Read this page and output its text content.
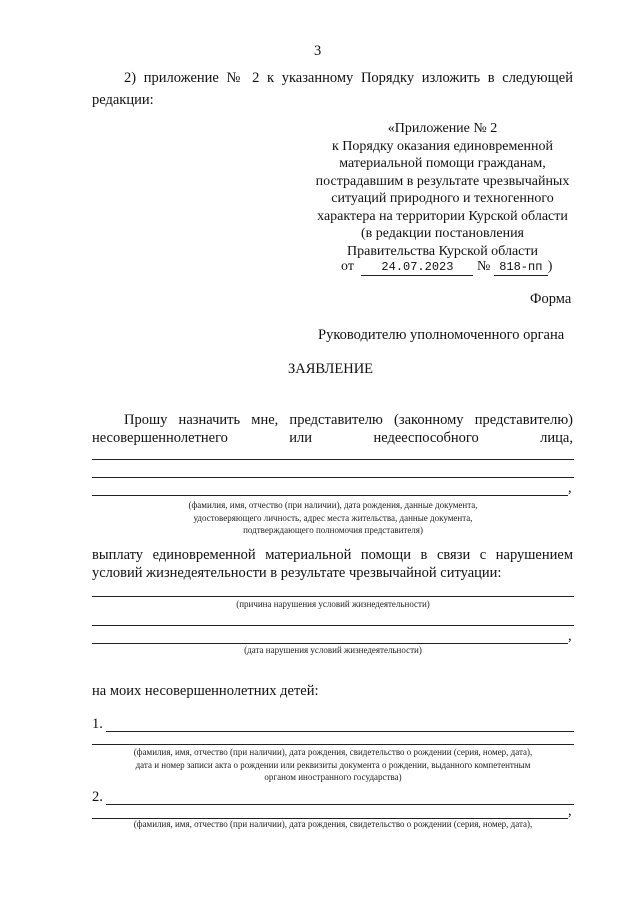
3
2) приложение № 2 к указанному Порядку изложить в следующей
редакции:
«Приложение № 2
к Порядку оказания единовременной
материальной помощи гражданам,
пострадавшим в результате чрезвычайных
ситуаций природного и техногенного
характера на территории Курской области
(в редакции постановления
Правительства Курской области
от 24.07.2023 № 818-пп )
Форма
Руководителю уполномоченного органа
ЗАЯВЛЕНИЕ
Прошу назначить мне, представителю (законному представителю)
несовершеннолетнего	или	недееспособного	лица,
,
(фамилия, имя, отчество (при наличии), дата рождения, данные документа,
удостоверяющего личность, адрес места жительства, данные документа,
подтверждающего полномочия представителя)
выплату единовременной материальной помощи в связи с нарушением
условий жизнедеятельности в результате чрезвычайной ситуации:
(причина нарушения условий жизнедеятельности)
,
(дата нарушения условий жизнедеятельности)
на моих несовершеннолетних детей:
1.
(фамилия, имя, отчество (при наличии), дата рождения, свидетельство о рождении (серия, номер, дата),
дата и номер записи акта о рождении или реквизиты документа о рождении, выданного компетентным
органом иностранного государства)
2.
,
(фамилия, имя, отчество (при наличии), дата рождения, свидетельство о рождении (серия, номер, дата),
